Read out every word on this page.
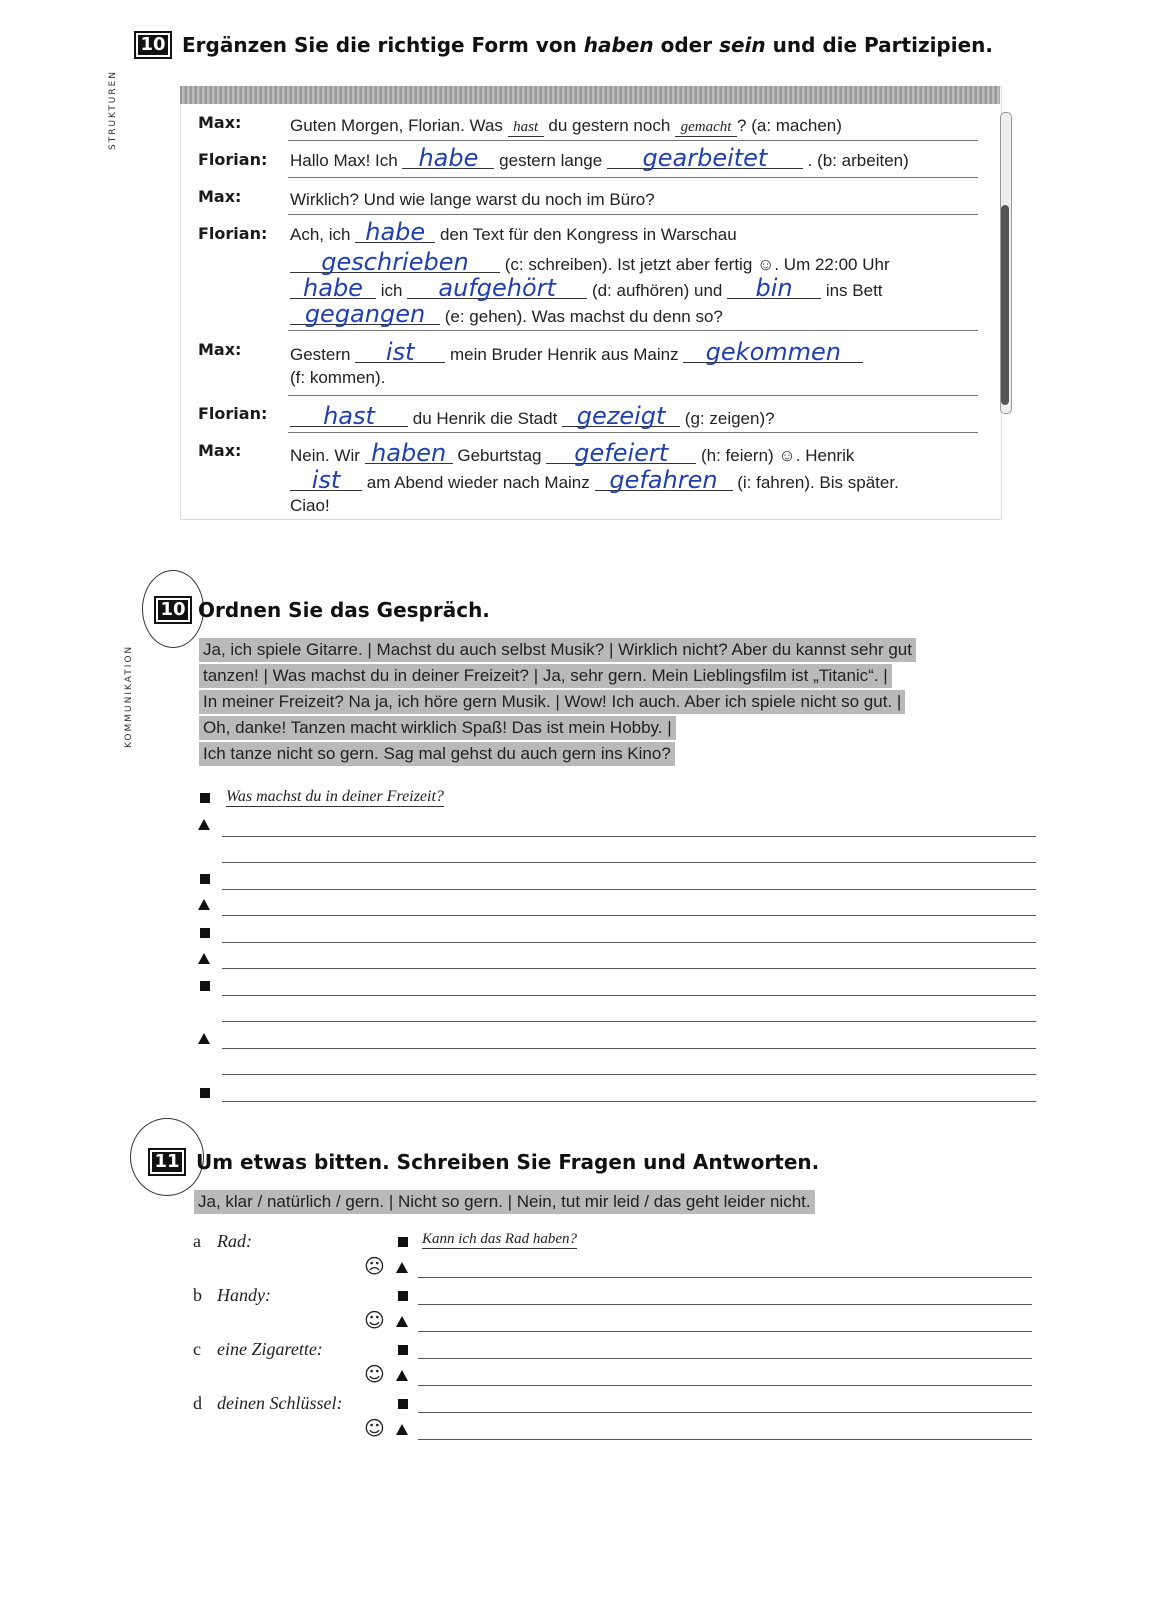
STRUKTUREN
10 Ergänzen Sie die richtige Form von haben oder sein und die Partizipien.
Max:
Florian:
Max:
Florian:
Max:
Florian:
Max:
Guten Morgen, Florian. Was hast du gestern noch gemacht ? (a: machen)
Hallo Max! Ich habe gestern lange gearbeitet . (b: arbeiten)
Wirklich? Und wie lange warst du noch im Büro?
Ach, ich habe den Text für den Kongress in Warschau
geschrieben (c: schreiben). Ist jetzt aber fertig ☺. Um 22:00 Uhr
habe ich aufgehört (d: aufhören) und bin ins Bett
gegangen (e: gehen). Was machst du denn so?
Gestern ist mein Bruder Henrik aus Mainz gekommen
(f: kommen).
hast du Henrik die Stadt gezeigt (g: zeigen)?
Nein. Wir haben Geburtstag gefeiert (h: feiern) ☺. Henrik
ist am Abend wieder nach Mainz gefahren (i: fahren). Bis später.
Ciao!
KOMMUNIKATION
10 Ordnen Sie das Gespräch.
Ja, ich spiele Gitarre. | Machst du auch selbst Musik? | Wirklich nicht? Aber du kannst sehr gut
tanzen! | Was machst du in deiner Freizeit? | Ja, sehr gern. Mein Lieblingsfilm ist „Titanic“. |
In meiner Freizeit? Na ja, ich höre gern Musik. | Wow! Ich auch. Aber ich spiele nicht so gut. |
Oh, danke! Tanzen macht wirklich Spaß! Das ist mein Hobby. |
Ich tanze nicht so gern. Sag mal gehst du auch gern ins Kino?
Was machst du in deiner Freizeit?
11 Um etwas bitten. Schreiben Sie Fragen und Antworten.
Ja, klar / natürlich / gern. | Nicht so gern. | Nein, tut mir leid / das geht leider nicht.
a Rad:	Kann ich das Rad haben?
☹
b Handy:
☺
c eine Zigarette:
☺
d deinen Schlüssel:
☺
